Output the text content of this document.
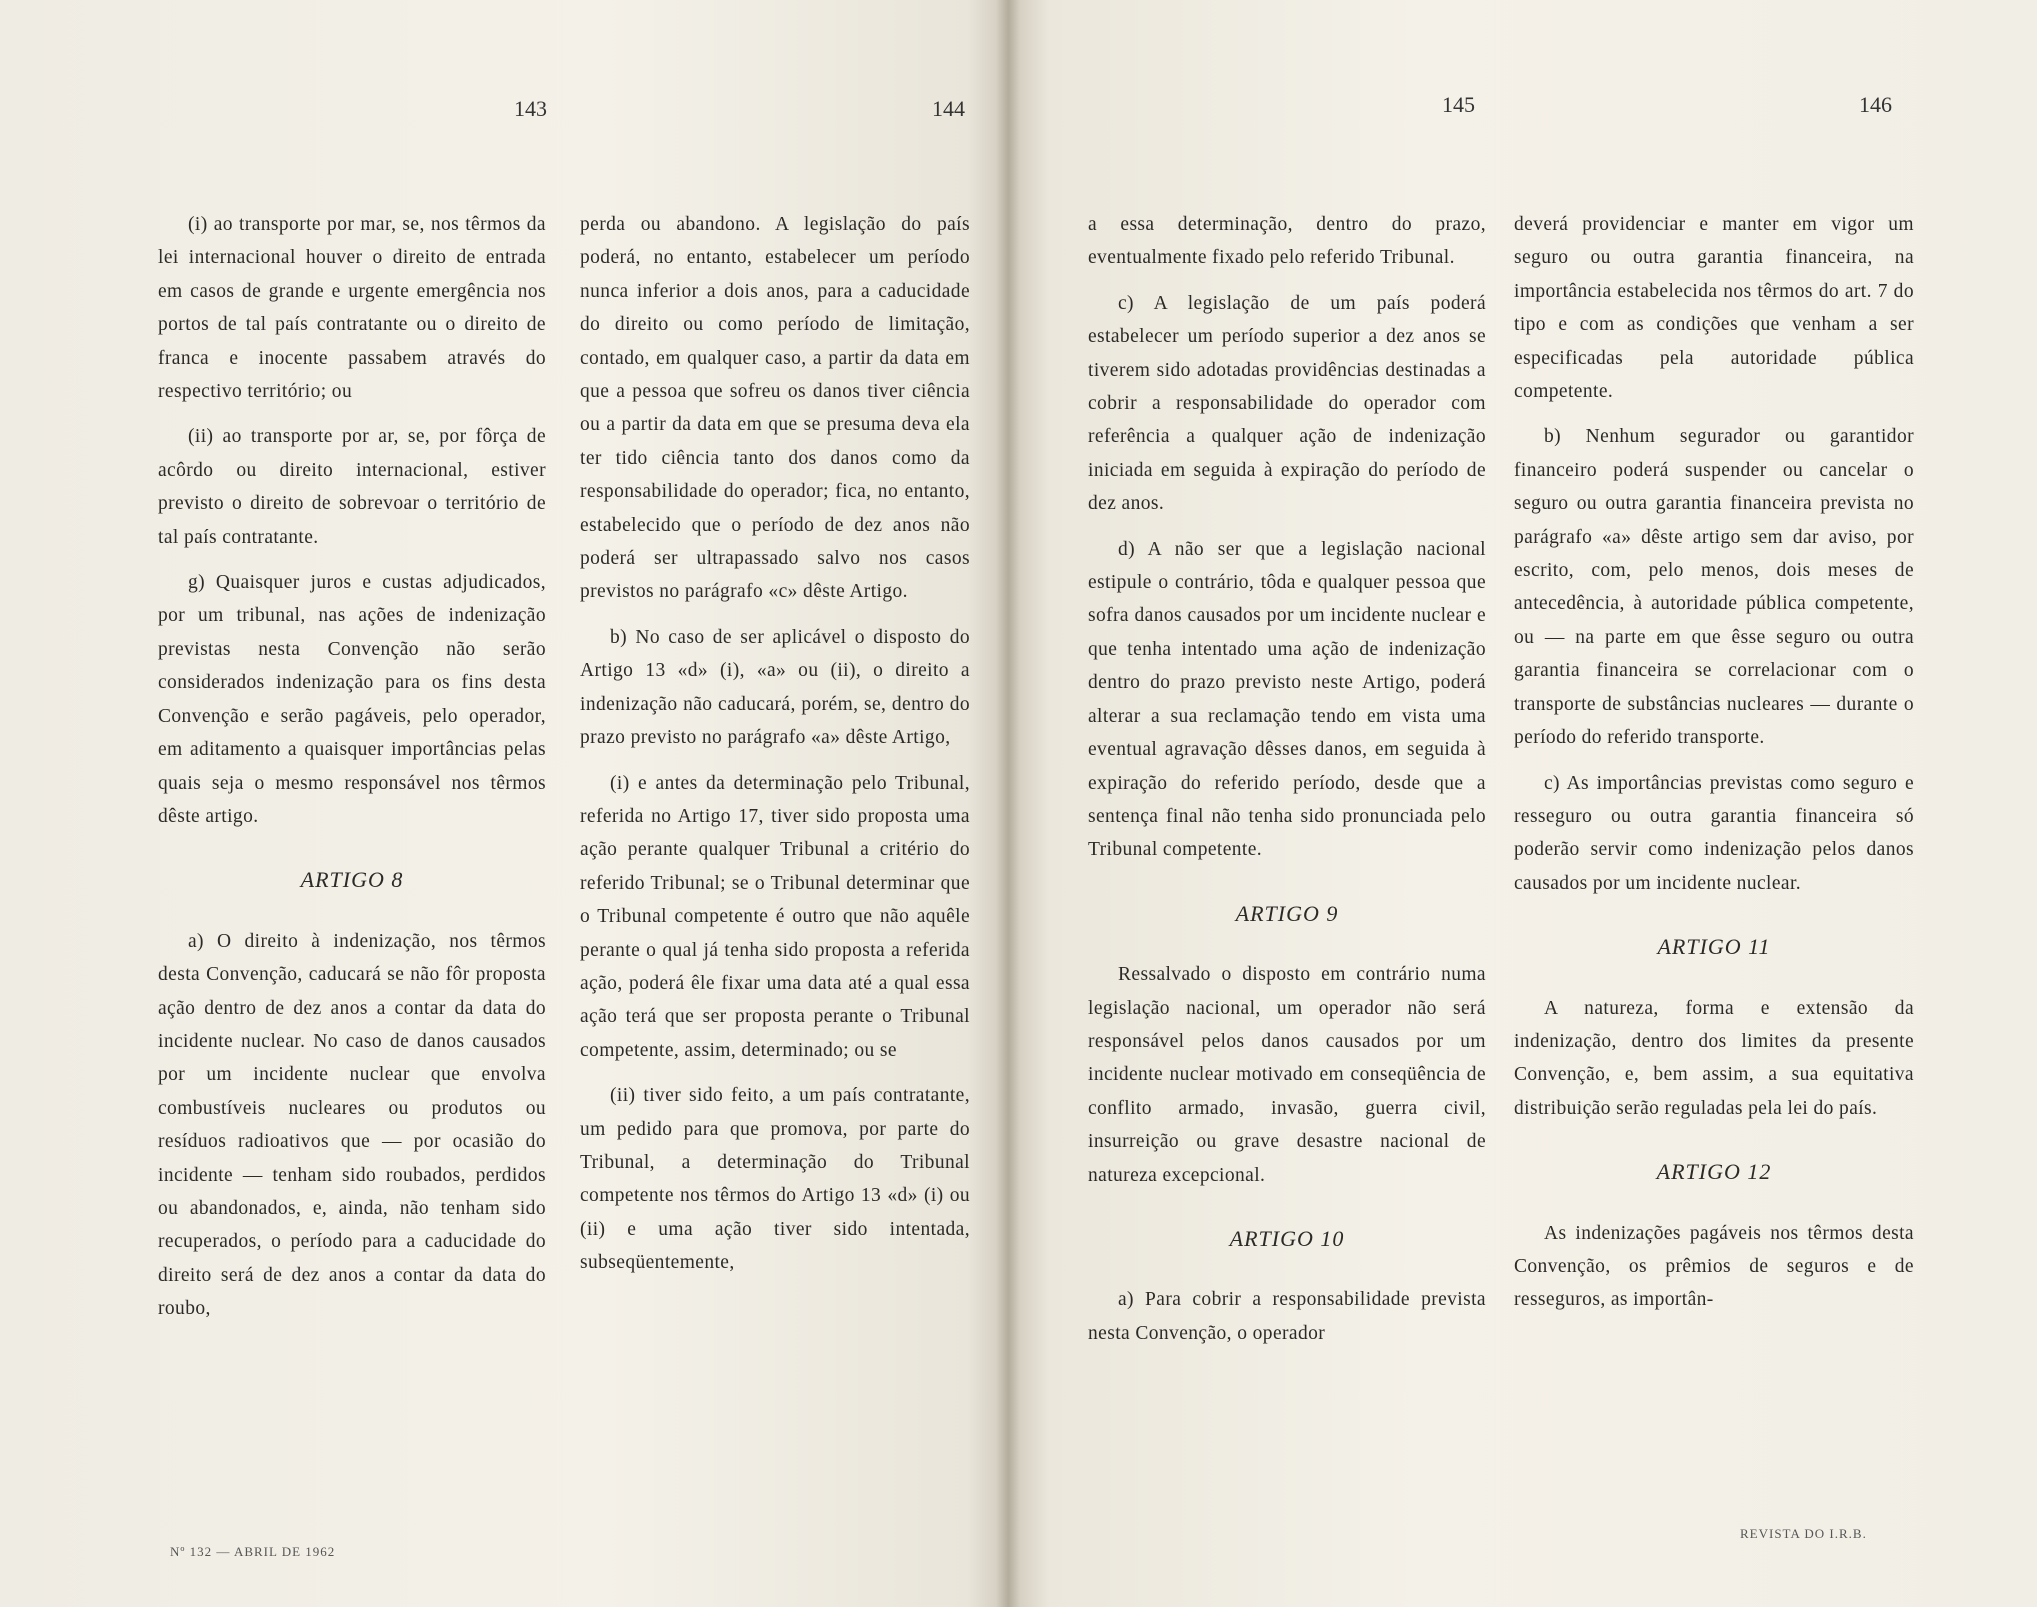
143	144	145	146

(i) ao transporte por mar, se, nos têrmos da lei internacional houver o direito de entrada em casos de grande e urgente emergência nos portos de tal país contratante ou o direito de franca e inocente passabem através do respectivo território; ou

(ii) ao transporte por ar, se, por fôrça de acôrdo ou direito internacional, estiver previsto o direito de sobrevoar o território de tal país contratante.

g) Quaisquer juros e custas adjudicados, por um tribunal, nas ações de indenização previstas nesta Convenção não serão considerados indenização para os fins desta Convenção e serão pagáveis, pelo operador, em aditamento a quaisquer importâncias pelas quais seja o mesmo responsável nos têrmos dêste artigo.

ARTIGO 8

a) O direito à indenização, nos têrmos desta Convenção, caducará se não fôr proposta ação dentro de dez anos a contar da data do incidente nuclear. No caso de danos causados por um incidente nuclear que envolva combustíveis nucleares ou produtos ou resíduos radioativos que — por ocasião do incidente — tenham sido roubados, perdidos ou abandonados, e, ainda, não tenham sido recuperados, o período para a caducidade do direito será de dez anos a contar da data do roubo,

perda ou abandono. A legislação do país poderá, no entanto, estabelecer um período nunca inferior a dois anos, para a caducidade do direito ou como período de limitação, contado, em qualquer caso, a partir da data em que a pessoa que sofreu os danos tiver ciência ou a partir da data em que se presuma deva ela ter tido ciência tanto dos danos como da responsabilidade do operador; fica, no entanto, estabelecido que o período de dez anos não poderá ser ultrapassado salvo nos casos previstos no parágrafo «c» dêste Artigo.

b) No caso de ser aplicável o disposto do Artigo 13 «d» (i), «a» ou (ii), o direito a indenização não caducará, porém, se, dentro do prazo previsto no parágrafo «a» dêste Artigo,

(i) e antes da determinação pelo Tribunal, referida no Artigo 17, tiver sido proposta uma ação perante qualquer Tribunal a critério do referido Tribunal; se o Tribunal determinar que o Tribunal competente é outro que não aquêle perante o qual já tenha sido proposta a referida ação, poderá êle fixar uma data até a qual essa ação terá que ser proposta perante o Tribunal competente, assim, determinado; ou se

(ii) tiver sido feito, a um país contratante, um pedido para que promova, por parte do Tribunal, a determinação do Tribunal competente nos têrmos do Artigo 13 «d» (i) ou (ii) e uma ação tiver sido intentada, subseqüentemente,

a essa determinação, dentro do prazo, eventualmente fixado pelo referido Tribunal.

c) A legislação de um país poderá estabelecer um período superior a dez anos se tiverem sido adotadas providências destinadas a cobrir a responsabilidade do operador com referência a qualquer ação de indenização iniciada em seguida à expiração do período de dez anos.

d) A não ser que a legislação nacional estipule o contrário, tôda e qualquer pessoa que sofra danos causados por um incidente nuclear e que tenha intentado uma ação de indenização dentro do prazo previsto neste Artigo, poderá alterar a sua reclamação tendo em vista uma eventual agravação dêsses danos, em seguida à expiração do referido período, desde que a sentença final não tenha sido pronunciada pelo Tribunal competente.

ARTIGO 9

Ressalvado o disposto em contrário numa legislação nacional, um operador não será responsável pelos danos causados por um incidente nuclear motivado em conseqüência de conflito armado, invasão, guerra civil, insurreição ou grave desastre nacional de natureza excepcional.

ARTIGO 10

a) Para cobrir a responsabilidade prevista nesta Convenção, o operador

deverá providenciar e manter em vigor um seguro ou outra garantia financeira, na importância estabelecida nos têrmos do art. 7 do tipo e com as condições que venham a ser especificadas pela autoridade pública competente.

b) Nenhum segurador ou garantidor financeiro poderá suspender ou cancelar o seguro ou outra garantia financeira prevista no parágrafo «a» dêste artigo sem dar aviso, por escrito, com, pelo menos, dois meses de antecedência, à autoridade pública competente, ou — na parte em que êsse seguro ou outra garantia financeira se correlacionar com o transporte de substâncias nucleares — durante o período do referido transporte.

c) As importâncias previstas como seguro e resseguro ou outra garantia financeira só poderão servir como indenização pelos danos causados por um incidente nuclear.

ARTIGO 11

A natureza, forma e extensão da indenização, dentro dos limites da presente Convenção, e, bem assim, a sua equitativa distribuição serão reguladas pela lei do país.

ARTIGO 12

As indenizações pagáveis nos têrmos desta Convenção, os prêmios de seguros e de resseguros, as importân-

Nº 132 — ABRIL DE 1962
REVISTA DO I.R.B.
